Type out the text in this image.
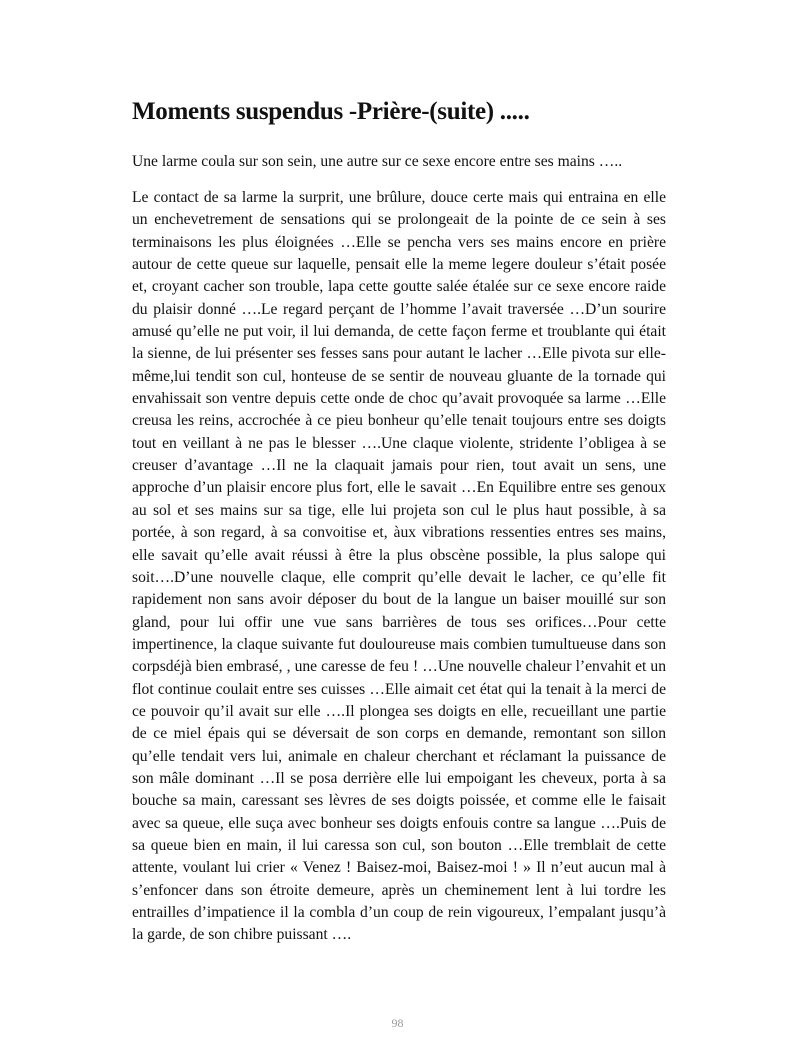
Moments suspendus -Prière-(suite) .....

Une larme coula sur son sein, une autre sur ce sexe encore entre ses mains …..

Le contact de sa larme la surprit, une brûlure, douce certe mais qui entraina en elle un enchevetrement de sensations qui se prolongeait de la pointe de ce sein à ses terminaisons les plus éloignées …Elle se pencha vers ses mains encore en prière autour de cette queue sur laquelle, pensait elle la meme legere douleur s’était posée et, croyant cacher son trouble, lapa cette goutte salée étalée sur ce sexe encore raide du plaisir donné ….Le regard perçant de l’homme l’avait traversée …D’un sourire amusé qu’elle ne put voir, il lui demanda, de cette façon ferme et troublante qui était la sienne, de lui présenter ses fesses sans pour autant le lacher …Elle pivota sur elle-même,lui tendit son cul, honteuse de se sentir de nouveau gluante de la tornade qui envahissait son ventre depuis cette onde de choc qu’avait provoquée sa larme …Elle creusa les reins, accrochée à ce pieu bonheur qu’elle tenait toujours entre ses doigts tout en veillant à ne pas le blesser ….Une claque violente, stridente l’obligea à se creuser d’avantage …Il ne la claquait jamais pour rien, tout avait un sens, une approche d’un plaisir encore plus fort, elle le savait …En Equilibre entre ses genoux au sol et ses mains sur sa tige, elle lui projeta son cul le plus haut possible, à sa portée, à son regard, à sa convoitise et, àux vibrations ressenties entres ses mains, elle savait qu’elle avait réussi à être la plus obscène possible, la plus salope qui soit….D’une nouvelle claque, elle comprit qu’elle devait le lacher, ce qu’elle fit rapidement non sans avoir déposer du bout de la langue un baiser mouillé sur son gland, pour lui offir une vue sans barrières de tous ses orifices…Pour cette impertinence, la claque suivante fut douloureuse mais combien tumultueuse dans son corpsdéjà bien embrasé, , une caresse de feu ! …Une nouvelle chaleur l’envahit et un flot continue coulait entre ses cuisses …Elle aimait cet état qui la tenait à la merci de ce pouvoir qu’il avait sur elle ….Il plongea ses doigts en elle, recueillant une partie de ce miel épais qui se déversait de son corps en demande, remontant son sillon qu’elle tendait vers lui, animale en chaleur cherchant et réclamant la puissance de son mâle dominant …Il se posa derrière elle lui empoigant les cheveux, porta à sa bouche sa main, caressant ses lèvres de ses doigts poissée, et comme elle le faisait avec sa queue, elle suça avec bonheur ses doigts enfouis contre sa langue ….Puis de sa queue bien en main, il lui caressa son cul, son bouton …Elle tremblait de cette attente, voulant lui crier « Venez ! Baisez-moi, Baisez-moi ! » Il n’eut aucun mal à s’enfoncer dans son étroite demeure, après un cheminement lent à lui tordre les entrailles d’impatience il la combla d’un coup de rein vigoureux, l’empalant jusqu’à la garde, de son chibre puissant ….

98
